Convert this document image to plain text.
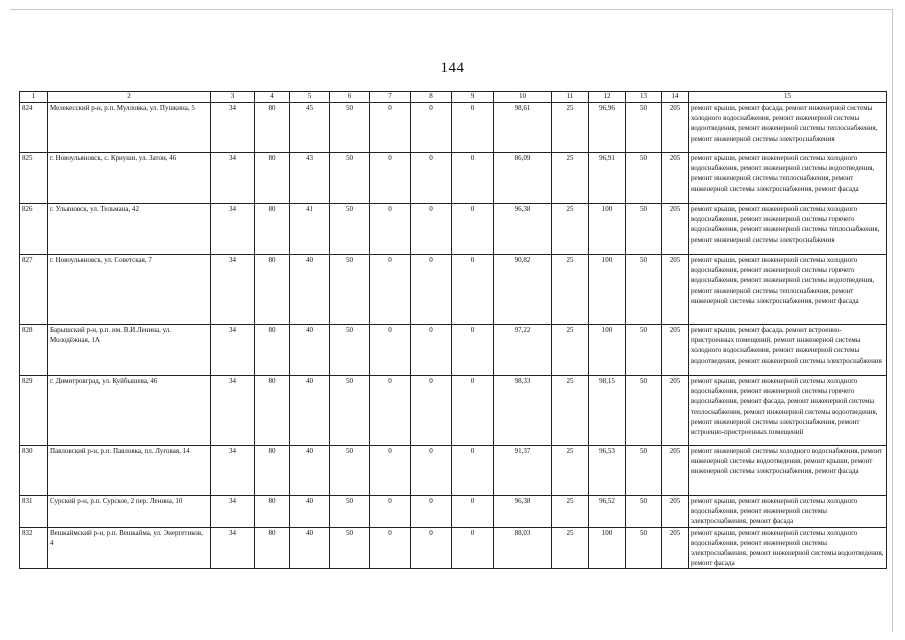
144
1	2	3	4	5	6	7	8	9	10	11	12	13	14	15
824	Мелекесский р-н, р.п. Мулловка, ул. Пушкина, 5	34	80	45	50	0	0	0	98,61	25	96,96	50	205	ремонт крыши, ремонт фасада, ремонт инженерной системы холодного водоснабжения, ремонт инженерной системы водоотведения, ремонт инженерной системы теплоснабжения, ремонт инженерной системы электроснабжения
825	г. Новоульяновск, с. Криуши, ул. Затон, 46	34	80	43	50	0	0	0	86,09	25	96,91	50	205	ремонт крыши, ремонт инженерной системы холодного водоснабжения, ремонт инженерной системы водоотведения, ремонт инженерной системы теплоснабжения, ремонт инженерной системы электроснабжения, ремонт фасада
826	г. Ульяновск, ул. Тельмана, 42	34	80	41	50	0	0	0	96,38	25	100	50	205	ремонт крыши, ремонт инженерной системы холодного водоснабжения, ремонт инженерной системы горячего водоснабжения, ремонт инженерной системы теплоснабжения, ремонт инженерной системы электроснабжения
827	г. Новоульяновск, ул. Советская, 7	34	80	40	50	0	0	0	90,82	25	100	50	205	ремонт крыши, ремонт инженерной системы холодного водоснабжения, ремонт инженерной системы горячего водоснабжения, ремонт инженерной системы водоотведения, ремонт инженерной системы теплоснабжения, ремонт инженерной системы электроснабжения, ремонт фасада
828	Барышский р-н, р.п. им. В.И.Ленина, ул. Молодёжная, 1А	34	80	40	50	0	0	0	97,22	25	100	50	205	ремонт крыши, ремонт фасада, ремонт встроенно-пристроенных помещений, ремонт инженерной системы холодного водоснабжения, ремонт инженерной системы водоотведения, ремонт инженерной системы электроснабжения
829	г. Димитровград, ул. Куйбышева, 46	34	80	40	50	0	0	0	98,33	25	98,15	50	205	ремонт крыши, ремонт инженерной системы холодного водоснабжения, ремонт инженерной системы горячего водоснабжения, ремонт фасада, ремонт инженерной системы теплоснабжения, ремонт инженерной системы водоотведения, ремонт инженерной системы электроснабжения, ремонт встроенно-пристроенных помещений
830	Павловский р-н, р.п. Павловка, пл. Луговая, 14	34	80	40	50	0	0	0	91,37	25	96,53	50	205	ремонт инженерной системы холодного водоснабжения, ремонт инженерной системы водоотведения, ремонт крыши, ремонт инженерной системы электроснабжения, ремонт фасада
831	Сурский р-н, р.п. Сурское, 2 пер. Ленина, 10	34	80	40	50	0	0	0	96,38	25	96,52	50	205	ремонт крыши, ремонт инженерной системы холодного водоснабжения, ремонт инженерной системы электроснабжения, ремонт фасада
832	Вешкаймский р-н, р.п. Вешкайма, ул. Энергетиков, 4	34	80	40	50	0	0	0	88,03	25	100	50	205	ремонт крыши, ремонт инженерной системы холодного водоснабжения, ремонт инженерной системы электроснабжения, ремонт инженерной системы водоотведения, ремонт фасада
